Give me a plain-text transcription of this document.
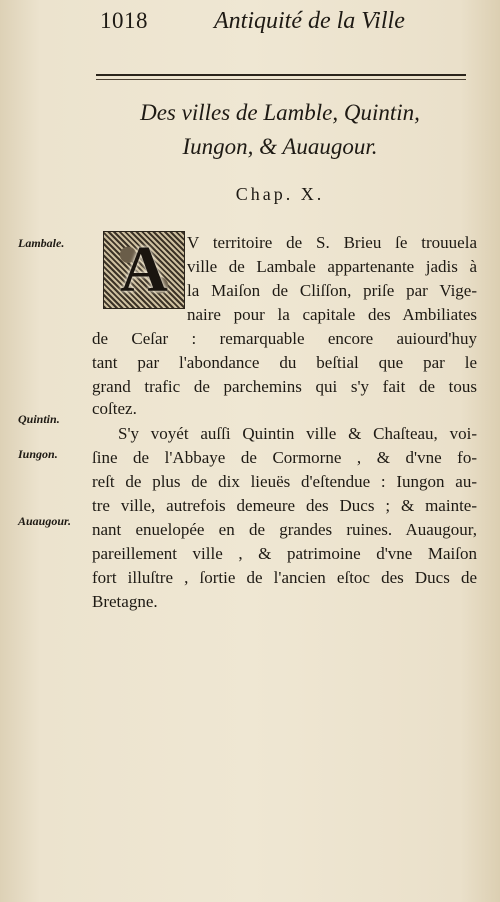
1018	Antiquité de la Ville
Des villes de Lamble, Quintin,
Iungon, & Auaugour.
Chap. X.
A
Lambale.
Quintin.
Iungon.
Auaugour.
V territoire de S. Brieu ſe trouuela
ville de Lambale appartenante jadis à
la Maiſon de Cliſſon, priſe par Vige-
naire pour la capitale des Ambiliates
de Ceſar : remarquable encore auiourd'huy
tant par l'abondance du beſtial que par le
grand trafic de parchemins qui s'y fait de tous
coſtez.
S'y voyét auſſi Quintin ville & Chaſteau, voi-
ſine de l'Abbaye de Cormorne , & d'vne fo-
reſt de plus de dix lieuës d'eſtendue : Iungon au-
tre ville, autrefois demeure des Ducs ; & mainte-
nant enuelopée en de grandes ruines. Auaugour,
pareillement ville , & patrimoine d'vne Maiſon
fort illuſtre , ſortie de l'ancien eſtoc des Ducs de
Bretagne.
